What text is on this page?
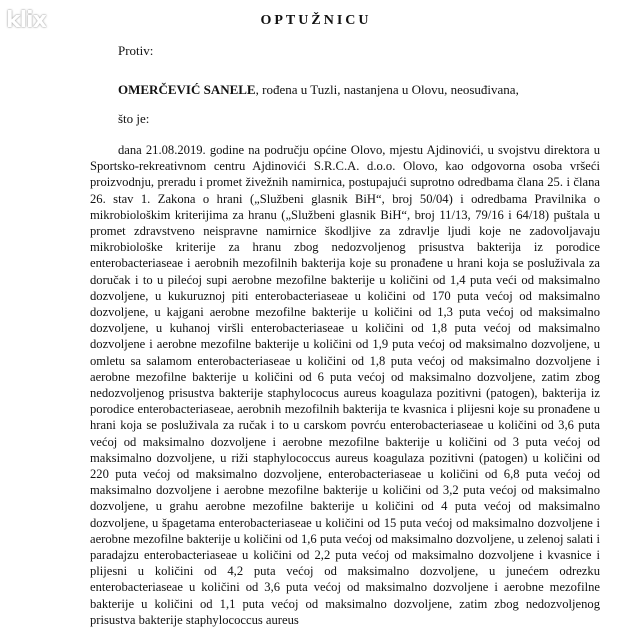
klix	OPTUŽNICU
Protiv:
OMERČEVIĆ SANELE, rođena u Tuzli, nastanjena u Olovu, neosuđivana,
što je:

dana 21.08.2019. godine na području općine Olovo, mjestu Ajdinovići, u svojstvu direktora u Sportsko-rekreativnom centru Ajdinovići S.R.C.A. d.o.o. Olovo, kao odgovorna osoba vršeći proizvodnju, preradu i promet živežnih namirnica, postupajući suprotno odredbama člana 25. i člana 26. stav 1. Zakona o hrani („Službeni glasnik BiH“, broj 50/04) i odredbama Pravilnika o mikrobiološkim kriterijima za hranu („Službeni glasnik BiH“, broj 11/13, 79/16 i 64/18) puštala u promet zdravstveno neispravne namirnice škodljive za zdravlje ljudi koje ne zadovoljavaju mikrobiološke kriterije za hranu zbog nedozvoljenog prisustva bakterija iz porodice enterobacteriaseae i aerobnih mezofilnih bakterija koje su pronađene u hrani koja se posluživala za doručak i to u pilećoj supi aerobne mezofilne bakterije u količini od 1,4 puta veći od maksimalno dozvoljene, u kukuruznoj piti enterobacteriaseae u količini od 170 puta većoj od maksimalno dozvoljene, u kajgani aerobne mezofilne bakterije u količini od 1,3 puta većoj od maksimalno dozvoljene, u kuhanoj viršli enterobacteriaseae u količini od 1,8 puta većoj od maksimalno dozvoljene i aerobne mezofilne bakterije u količini od 1,9 puta većoj od maksimalno dozvoljene, u omletu sa salamom enterobacteriaseae u količini od 1,8 puta većoj od maksimalno dozvoljene i aerobne mezofilne bakterije u količini od 6 puta većoj od maksimalno dozvoljene, zatim zbog nedozvoljenog prisustva bakterije staphylococus aureus koagulaza pozitivni (patogen), bakterija iz porodice enterobacteriaseae, aerobnih mezofilnih bakterija te kvasnica i plijesni koje su pronađene u hrani koja se posluživala za ručak i to u carskom povrću enterobacteriaseae u količini od 3,6 puta većoj od maksimalno dozvoljene i aerobne mezofilne bakterije u količini od 3 puta većoj od maksimalno dozvoljene, u riži staphylococcus aureus koagulaza pozitivni (patogen) u količini od 220 puta većoj od maksimalno dozvoljene, enterobacteriaseae u količini od 6,8 puta većoj od maksimalno dozvoljene i aerobne mezofilne bakterije u količini od 3,2 puta većoj od maksimalno dozvoljene, u grahu aerobne mezofilne bakterije u količini od 4 puta većoj od maksimalno dozvoljene, u špagetama enterobacteriaseae u količini od 15 puta većoj od maksimalno dozvoljene i aerobne mezofilne bakterije u količini od 1,6 puta većoj od maksimalno dozvoljene, u zelenoj salati i paradajzu enterobacteriaseae u količini od 2,2 puta većoj od maksimalno dozvoljene i kvasnice i plijesni u količini od 4,2 puta većoj od maksimalno dozvoljene, u junećem odrezku enterobacteriaseae u količini od 3,6 puta većoj od maksimalno dozvoljene i aerobne mezofilne bakterije u količini od 1,1 puta većoj od maksimalno dozvoljene, zatim zbog nedozvoljenog prisustva bakterije staphylococcus aureus
